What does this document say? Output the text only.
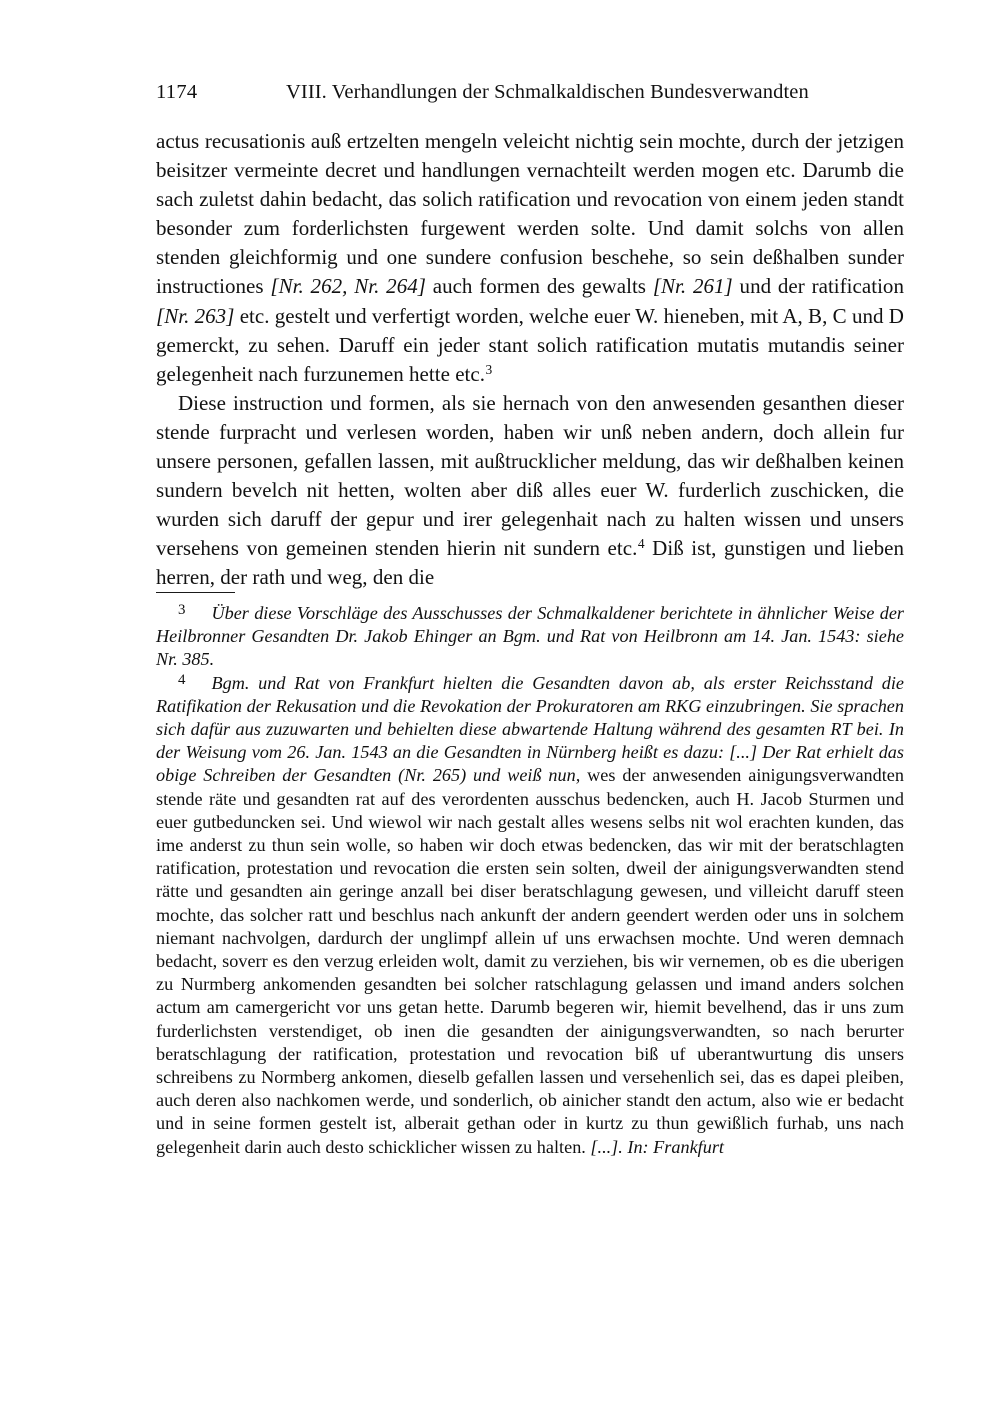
1174	VIII. Verhandlungen der Schmalkaldischen Bundesverwandten

actus recusationis auß ertzelten mengeln veleicht nichtig sein mochte, durch der jetzigen beisitzer vermeinte decret und handlungen vernachteilt werden mogen etc. Darumb die sach zuletst dahin bedacht, das solich ratification und revocation von einem jeden standt besonder zum forderlichsten furgewent werden solte. Und damit solchs von allen stenden gleichformig und one sundere confusion beschehe, so sein deßhalben sunder instructiones [Nr. 262, Nr. 264] auch formen des gewalts [Nr. 261] und der ratification [Nr. 263] etc. gestelt und verfertigt worden, welche euer W. hieneben, mit A, B, C und D gemerckt, zu sehen. Daruff ein jeder stant solich ratification mutatis mutandis seiner gelegenheit nach furzunemen hette etc.$^3$

Diese instruction und formen, als sie hernach von den anwesenden gesanthen dieser stende furpracht und verlesen worden, haben wir unß neben andern, doch allein fur unsere personen, gefallen lassen, mit außtrucklicher meldung, das wir deßhalben keinen sundern bevelch nit hetten, wolten aber diß alles euer W. furderlich zuschicken, die wurden sich daruff der gepur und irer gelegenhait nach zu halten wissen und unsers versehens von gemeinen stenden hierin nit sundern etc.$^4$ Diß ist, gunstigen und lieben herren, der rath und weg, den die

$^3$ Über diese Vorschläge des Ausschusses der Schmalkaldener berichtete in ähnlicher Weise der Heilbronner Gesandten Dr. Jakob Ehinger an Bgm. und Rat von Heilbronn am 14. Jan. 1543: siehe Nr. 385.

$^4$ Bgm. und Rat von Frankfurt hielten die Gesandten davon ab, als erster Reichsstand die Ratifikation der Rekusation und die Revokation der Prokuratoren am RKG einzubringen. Sie sprachen sich dafür aus zuzuwarten und behielten diese abwartende Haltung während des gesamten RT bei. In der Weisung vom 26. Jan. 1543 an die Gesandten in Nürnberg heißt es dazu: [...] Der Rat erhielt das obige Schreiben der Gesandten (Nr. 265) und weiß nun, wes der anwesenden ainigungsverwandten stende räte und gesandten rat auf des verordenten ausschus bedencken, auch H. Jacob Sturmen und euer gutbeduncken sei. Und wiewol wir nach gestalt alles wesens selbs nit wol erachten kunden, das ime anderst zu thun sein wolle, so haben wir doch etwas bedencken, das wir mit der beratschlagten ratification, protestation und revocation die ersten sein solten, dweil der ainigungsverwandten stend rätte und gesandten ain geringe anzall bei diser beratschlagung gewesen, und villeicht daruff steen mochte, das solcher ratt und beschlus nach ankunft der andern geendert werden oder uns in solchem niemant nachvolgen, dardurch der unglimpf allein uf uns erwachsen mochte. Und weren demnach bedacht, soverr es den verzug erleiden wolt, damit zu verziehen, bis wir vernemen, ob es die uberigen zu Nurmberg ankomenden gesandten bei solcher ratschlagung gelassen und imand anders solchen actum am camergericht vor uns getan hette. Darumb begeren wir, hiemit bevelhend, das ir uns zum furderlichsten verstendiget, ob inen die gesandten der ainigungsverwandten, so nach berurter beratschlagung der ratification, protestation und revocation biß uf uberantwurtung dis unsers schreibens zu Normberg ankomen, dieselb gefallen lassen und versehenlich sei, das es dapei pleiben, auch deren also nachkomen werde, und sonderlich, ob ainicher standt den actum, also wie er bedacht und in seine formen gestelt ist, alberait gethan oder in kurtz zu thun gewißlich furhab, uns nach gelegenheit darin auch desto schicklicher wissen zu halten. [...]. In: Frankfurt
